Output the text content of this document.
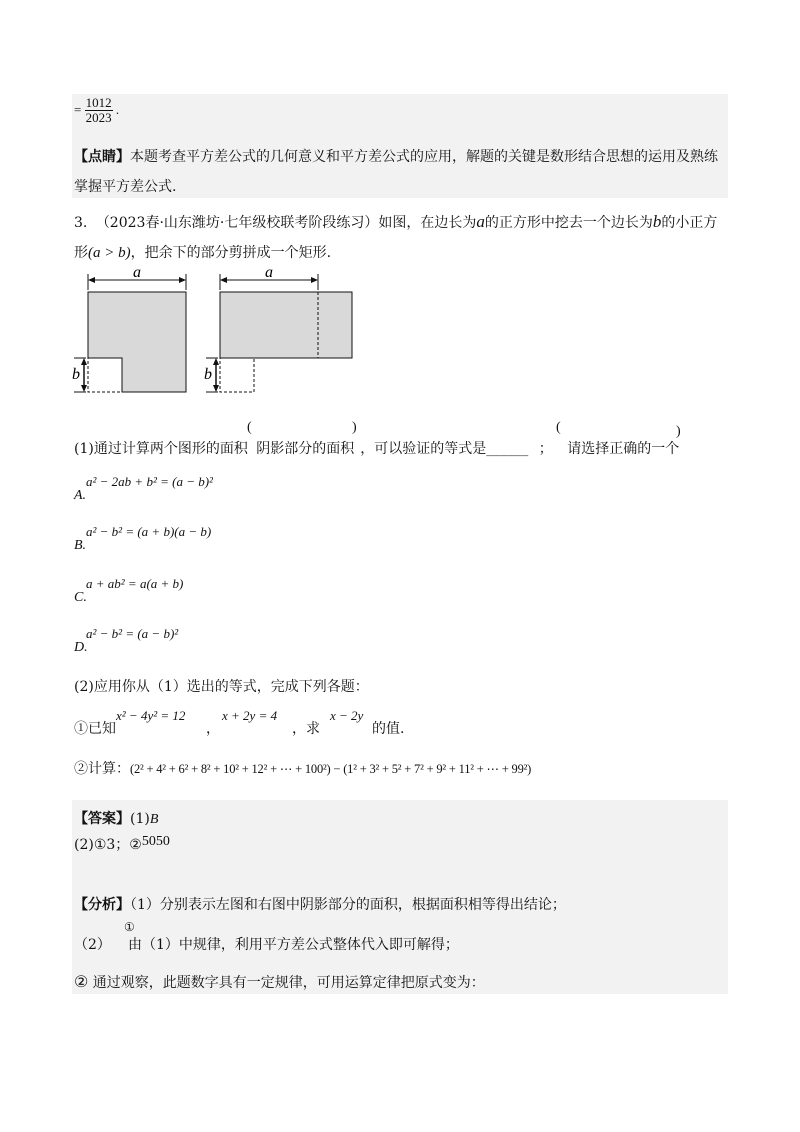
= $\frac{1012}{2023}$ .
【点睛】本题考查平方差公式的几何意义和平方差公式的应用，解题的关键是数形结合思想的运用及熟练
掌握平方差公式.
3. （2023春·山东潍坊·七年级校联考阶段练习）如图，在边长为a的正方形中挖去一个边长为b的小正方
形(a > b)，把余下的部分剪拼成一个矩形.
a
b
a
b
(	)	(	)
(1)通过计算两个图形的面积 阴影部分的面积 ，可以验证的等式是______ ； 请选择正确的一个
a² − 2ab + b² = (a − b)²
A.
a² − b² = (a + b)(a − b)
B.
a + ab² = a(a + b)
C.
a² − b² = (a − b)²
D.
(2)应用你从（1）选出的等式，完成下列各题：
①已知
x² − 4y² = 12
，
x + 2y = 4
，求
x − 2y
的值.
②计算：(2² + 4² + 6² + 8² + 10² + 12² + ⋯ + 100²) − (1² + 3² + 5² + 7² + 9² + 11² + ⋯ + 99²)
【答案】(1)B
(2)①3；②5050
【分析】（1）分别表示左图和右图中阴影部分的面积，根据面积相等得出结论；
（2）
①
由（1）中规律，利用平方差公式整体代入即可解得；
② 通过观察，此题数字具有一定规律，可用运算定律把原式变为：
